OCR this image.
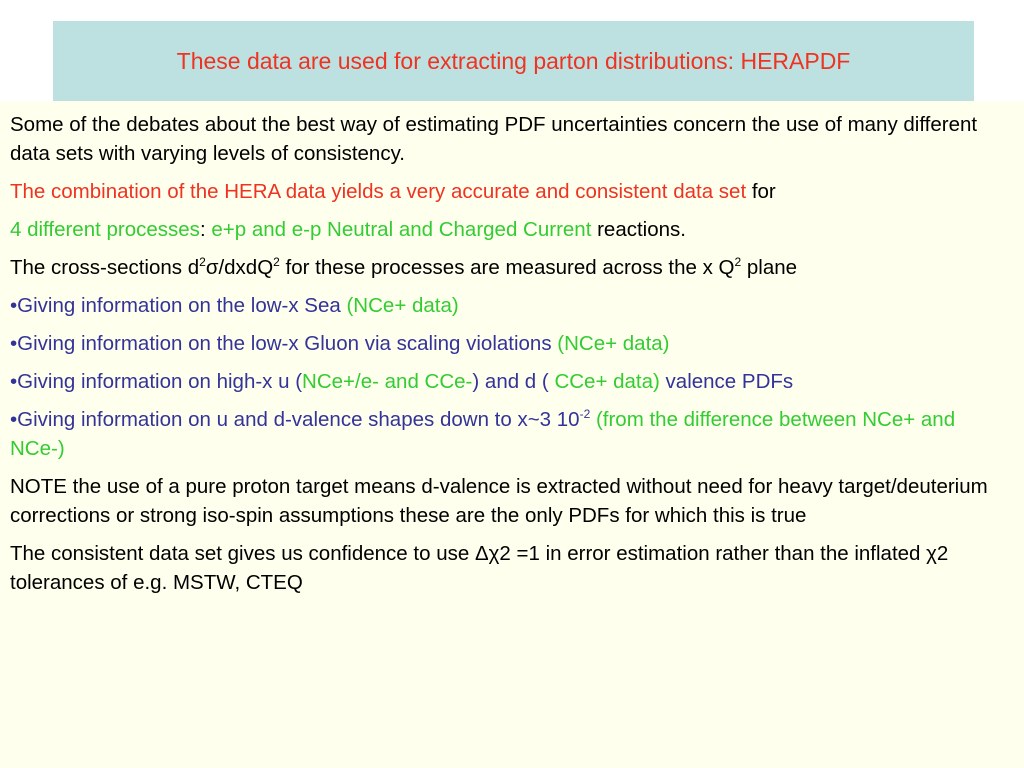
These data are used for extracting parton distributions: HERAPDF

Some of the debates about the best way of estimating PDF uncertainties concern the use of many different data sets with varying levels of consistency.

The combination of the HERA data yields a very accurate and consistent data set for

4 different processes: e+p and e-p Neutral and Charged Current reactions.

The cross-sections $d^2\sigma/dxdQ^2$ for these processes are measured across the x $Q^2$ plane

•Giving information on the low-x Sea (NCe+ data)

•Giving information on the low-x Gluon via scaling violations (NCe+ data)

•Giving information on high-x u (NCe+/e- and CCe-) and d ( CCe+ data) valence PDFs

•Giving information on u and d-valence shapes down to x~3 $10^{-2}$ (from the difference between NCe+ and NCe-)

NOTE the use of a pure proton target means d-valence is extracted without need for heavy target/deuterium corrections or strong iso-spin assumptions these are the only PDFs for which this is true

The consistent data set gives us confidence to use Δχ2 =1 in error estimation rather than the inflated χ2 tolerances of e.g. MSTW, CTEQ
